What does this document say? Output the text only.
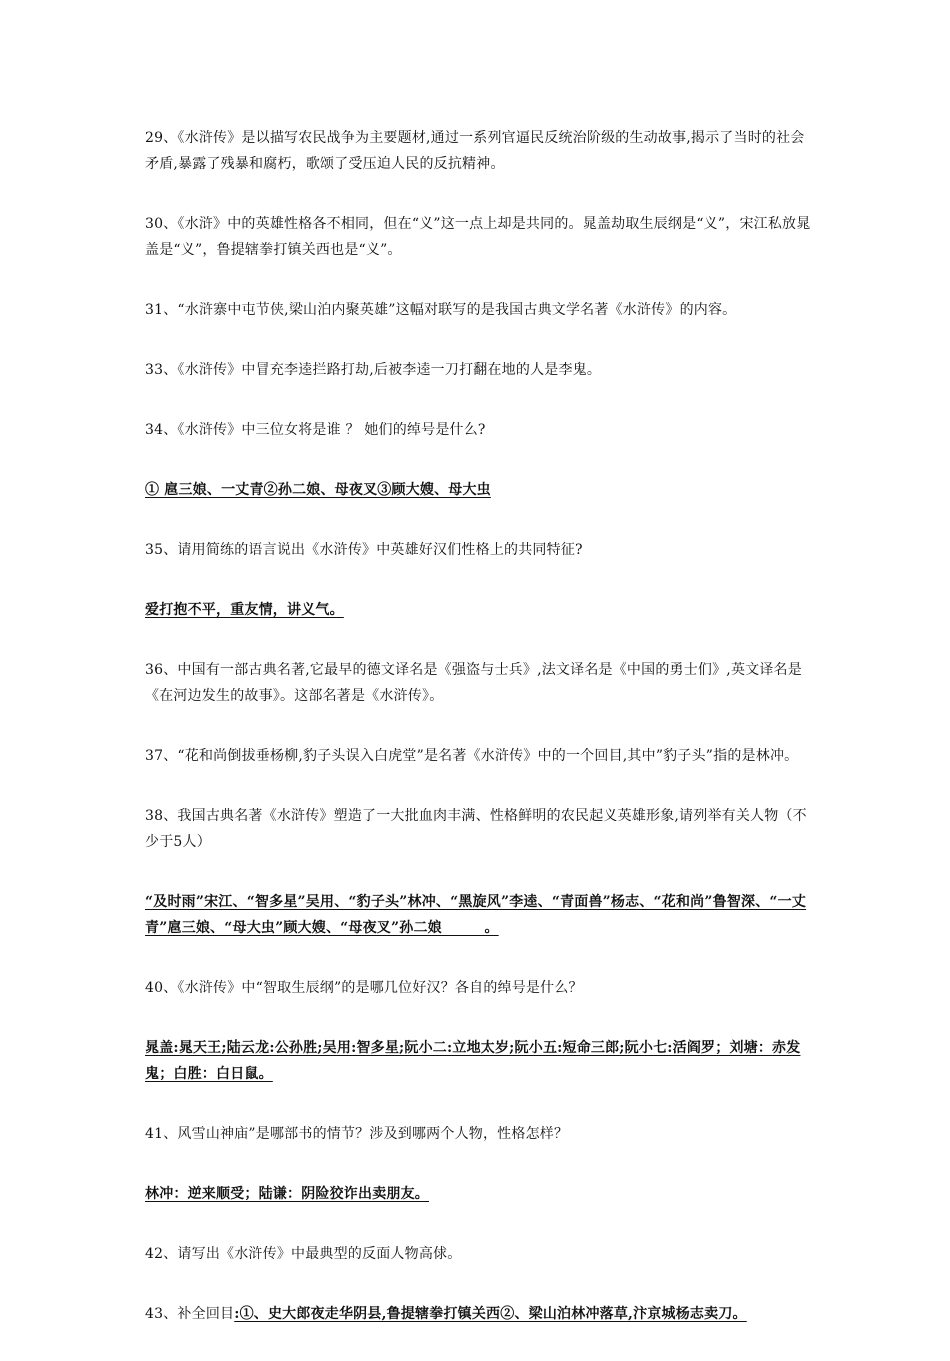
29、《水浒传》是以描写农民战争为主要题材,通过一系列官逼民反统治阶级的生动故事,揭示了当时的社会矛盾,暴露了残暴和腐朽，歌颂了受压迫人民的反抗精神。

30、《水浒》中的英雄性格各不相同，但在“义”这一点上却是共同的。晁盖劫取生辰纲是“义”，宋江私放晁盖是“义”，鲁提辖拳打镇关西也是“义”。

31、“水浒寨中屯节侠,梁山泊内聚英雄”这幅对联写的是我国古典文学名著《水浒传》的内容。

33、《水浒传》中冒充李逵拦路打劫,后被李逵一刀打翻在地的人是李鬼。

34、《水浒传》中三位女将是谁 ？ 她们的绰号是什么?

① 扈三娘、一丈青②孙二娘、母夜叉③顾大嫂、母大虫

35、请用简练的语言说出《水浒传》中英雄好汉们性格上的共同特征?

爱打抱不平，重友情，讲义气。

36、中国有一部古典名著,它最早的德文译名是《强盗与士兵》,法文译名是《中国的勇士们》,英文译名是《在河边发生的故事》。这部名著是《水浒传》。

37、“花和尚倒拔垂杨柳,豹子头误入白虎堂”是名著《水浒传》中的一个回目,其中”豹子头”指的是林冲。

38、我国古典名著《水浒传》塑造了一大批血肉丰满、性格鲜明的农民起义英雄形象,请列举有关人物（不少于5人）

“及时雨”宋江、“智多星”吴用、“豹子头”林冲、“黑旋风”李逵、“青面兽”杨志、“花和尚”鲁智深、“一丈青”扈三娘、“母大虫”顾大嫂、“母夜叉”孙二娘　　　。

40、《水浒传》中“智取生辰纲”的是哪几位好汉？各自的绰号是什么？

晁盖:晁天王;陆云龙:公孙胜;吴用:智多星;阮小二:立地太岁;阮小五:短命三郎;阮小七:活阎罗；刘塘：赤发鬼；白胜：白日鼠。

41、风雪山神庙”是哪部书的情节？涉及到哪两个人物，性格怎样？

林冲：逆来顺受；陆谦：阴险狡诈出卖朋友。

42、请写出《水浒传》中最典型的反面人物高俅。

43、补全回目:①、史大郎夜走华阴县,鲁提辖拳打镇关西②、梁山泊林冲落草,汴京城杨志卖刀。
